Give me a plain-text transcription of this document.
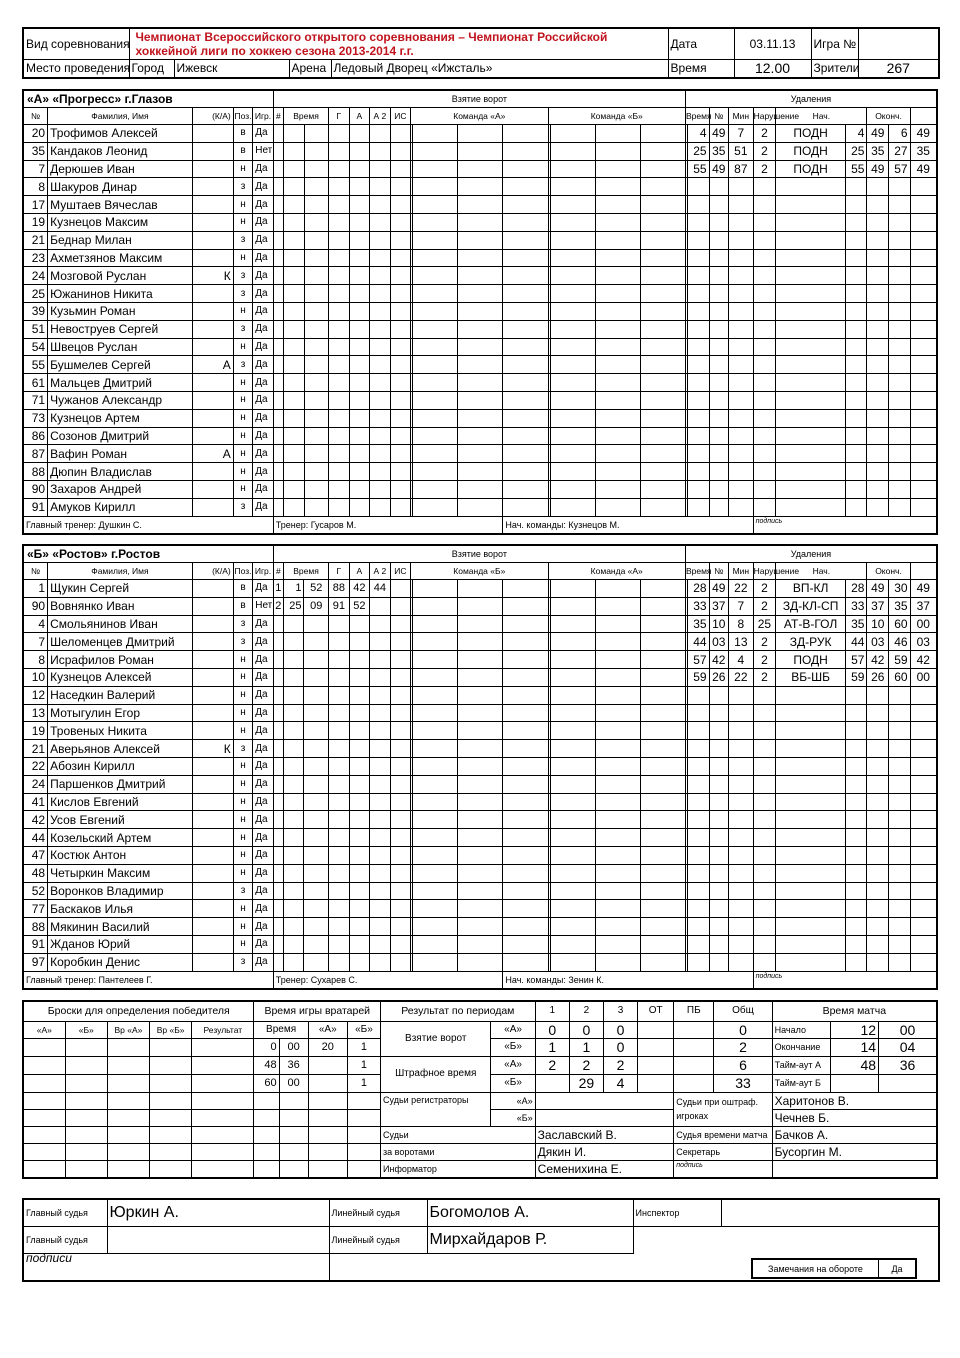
Вид соревнования	Чемпионат Всероссийского открытого соревнования – Чемпионат Российской хоккейной лиги по хоккею сезона 2013-2014 г.г.				Дата	03.11.13	Игра №	
Место проведения	Город	Ижевск	Арена	Ледовый Дворец «Ижсталь»	Время	12.00	Зрители	267
«А» «Прогресс» г.Глазов					Взятие ворот															Удаления									
№	Фамилия, Имя	(К/А)	Поз.	Игр.	#	Время		Г	А	А 2	ИС	Команда «А»				Команда «Б»				Время		№	Мин	Нарушение	Нач.		Оконч.		
20	Трофимов Алексей		в	Да																	4	49	7	2	ПОДН	4	49	6	49
35	Кандаков Леонид		в	Нет																	25	35	51	2	ПОДН	25	35	27	35
7	Дерюшев Иван		н	Да																	55	49	87	2	ПОДН	55	49	57	49
8	Шакуров Динар		з	Да																									
17	Муштаев Вячеслав		н	Да																									
19	Кузнецов Максим		н	Да																									
21	Беднар Милан		з	Да																									
23	Ахметзянов Максим		н	Да																									
24	Мозговой Руслан	К	з	Да																									
25	Южанинов Никита		з	Да																									
39	Кузьмин Роман		н	Да																									
51	Невоструев Сергей		з	Да																									
54	Швецов Руслан		н	Да																									
55	Бушмелев Сергей	А	з	Да																									
61	Мальцев Дмитрий		н	Да																									
71	Чужанов Александр		н	Да																									
73	Кузнецов Артем		н	Да																									
86	Созонов Дмитрий		н	Да																									
87	Вафин Роман	А	н	Да																									
88	Дюпин Владислав		н	Да																									
90	Захаров Андрей		н	Да																									
91	Амуков Кирилл		з	Да																									
Главный тренер: Душкин С.					Тренер: Гусаров М.										Нач. команды: Кузнецов М.									подпись					
«Б» «Ростов» г.Ростов					Взятие ворот															Удаления									
№	Фамилия, Имя	(К/А)	Поз.	Игр.	#	Время		Г	А	А 2	ИС	Команда «Б»				Команда «А»				Время		№	Мин	Нарушение	Нач.		Оконч.		
1	Щукин Сергей		в	Да	1	1	52	88	42	44											28	49	22	2	ВП-КЛ	28	49	30	49
90	Вовнянко Иван		в	Нет	2	25	09	91	52												33	37	7	2	ЗД-КЛ-СП	33	37	35	37
4	Смольянинов Иван		з	Да																	35	10	8	25	АТ-В-ГОЛ	35	10	60	00
7	Шеломенцев Дмитрий		з	Да																	44	03	13	2	ЗД-РУК	44	03	46	03
8	Исрафилов Роман		н	Да																	57	42	4	2	ПОДН	57	42	59	42
10	Кузнецов Алексей		н	Да																	59	26	22	2	ВБ-ШБ	59	26	60	00
12	Наседкин Валерий		н	Да																									
13	Мотыгулин Егор		н	Да																									
19	Тровеных Никита		н	Да																									
21	Аверьянов Алексей	К	з	Да																									
22	Абозин Кирилл		н	Да																									
24	Паршенков Дмитрий		н	Да																									
41	Кислов Евгений		н	Да																									
42	Усов Евгений		н	Да																									
44	Козельский Артем		н	Да																									
47	Костюк Антон		н	Да																									
48	Четыркин Максим		н	Да																									
52	Воронков Владимир		з	Да																									
77	Баскаков Илья		н	Да																									
88	Мякинин Василий		н	Да																									
91	Жданов Юрий		н	Да																									
97	Коробкин Денис		з	Да																									
Главный тренер: Пантелеев Г.					Тренер: Сухарев С.										Нач. команды: Зенин К.									подпись					
Броски для определения победителя					Время игры вратарей				Результат по периодам		1	2	3	ОТ	ПБ	Общ	Время матча		
«А»	«Б»	Вр «А»	Вр «Б»	Результат	Время		«А»	«Б»	Взятие ворот	«А»	0	0	0			0	Начало	12	00
					0	00	20	1		«Б»	1	1	0			2	Окончание	14	04
					48	36		1	Штрафное время	«А»	2	2	2			6	Тайм-аут А	48	36
					60	00		1		«Б»		29	4			33	Тайм-аут Б		
									Судьи регистраторы	«А»					Судьи при оштраф. игроках		Харитонов В.		
										«Б»							Чечнев Б.		
									Судьи		Заславский В.				Судья времени матча		Бачков А.		
									за воротами		Дякин И.				Секретарь		Бусоргин М.		
									Информатор		Семенихина Е.				подпись				
Главный судья	Юркин А.	Линейный судья	Богомолов А.	Инспектор	
Главный судья		Линейный судья	Мирхайдаров Р.		
подписи					
Замечания на обороте	Да
